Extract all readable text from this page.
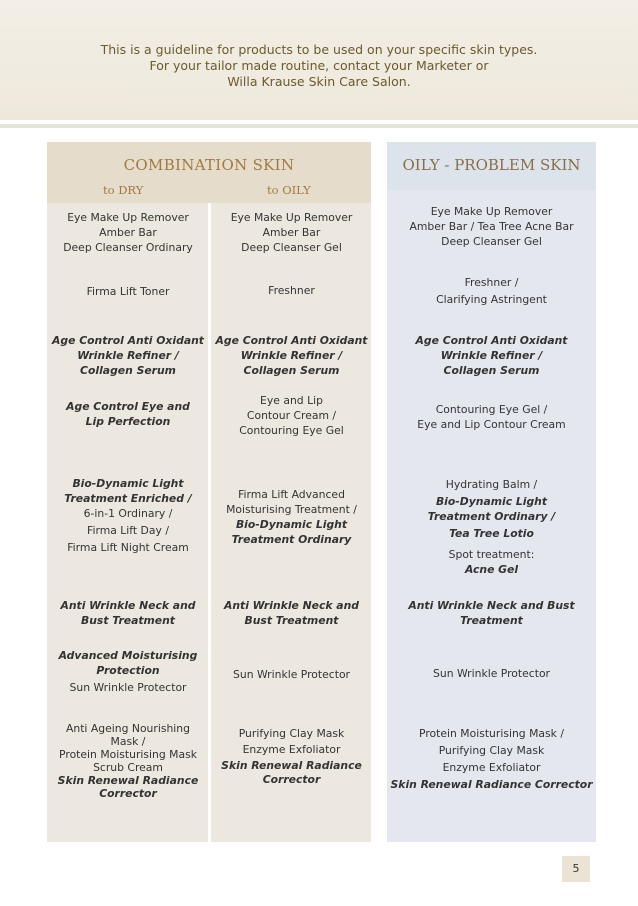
This is a guideline for products to be used on your specific skin types.
For your tailor made routine, contact your Marketer or
Willa Krause Skin Care Salon.
COMBINATION SKIN
to DRY	to OILY
OILY - PROBLEM SKIN
Eye Make Up Remover
Amber Bar
Deep Cleanser Ordinary
Firma Lift Toner
Age Control Anti Oxidant
Wrinkle Refiner /
Collagen Serum
Age Control Eye and
Lip Perfection
Bio-Dynamic Light
Treatment Enriched /
6-in-1 Ordinary /
Firma Lift Day /
Firma Lift Night Cream
Anti Wrinkle Neck and
Bust Treatment
Advanced Moisturising
Protection
Sun Wrinkle Protector
Anti Ageing Nourishing
Mask /
Protein Moisturising Mask
Scrub Cream
Skin Renewal Radiance
Corrector
Eye Make Up Remover
Amber Bar
Deep Cleanser Gel
Freshner
Age Control Anti Oxidant
Wrinkle Refiner /
Collagen Serum
Eye and Lip
Contour Cream /
Contouring Eye Gel
Firma Lift Advanced
Moisturising Treatment /
Bio-Dynamic Light
Treatment Ordinary
Anti Wrinkle Neck and
Bust Treatment
Sun Wrinkle Protector
Purifying Clay Mask
Enzyme Exfoliator
Skin Renewal Radiance
Corrector
Eye Make Up Remover
Amber Bar / Tea Tree Acne Bar
Deep Cleanser Gel
Freshner /
Clarifying Astringent
Age Control Anti Oxidant
Wrinkle Refiner /
Collagen Serum
Contouring Eye Gel /
Eye and Lip Contour Cream
Hydrating Balm /
Bio-Dynamic Light
Treatment Ordinary /
Tea Tree Lotio
Spot treatment:
Acne Gel
Anti Wrinkle Neck and Bust
Treatment
Sun Wrinkle Protector
Protein Moisturising Mask /
Purifying Clay Mask
Enzyme Exfoliator
Skin Renewal Radiance Corrector
5
